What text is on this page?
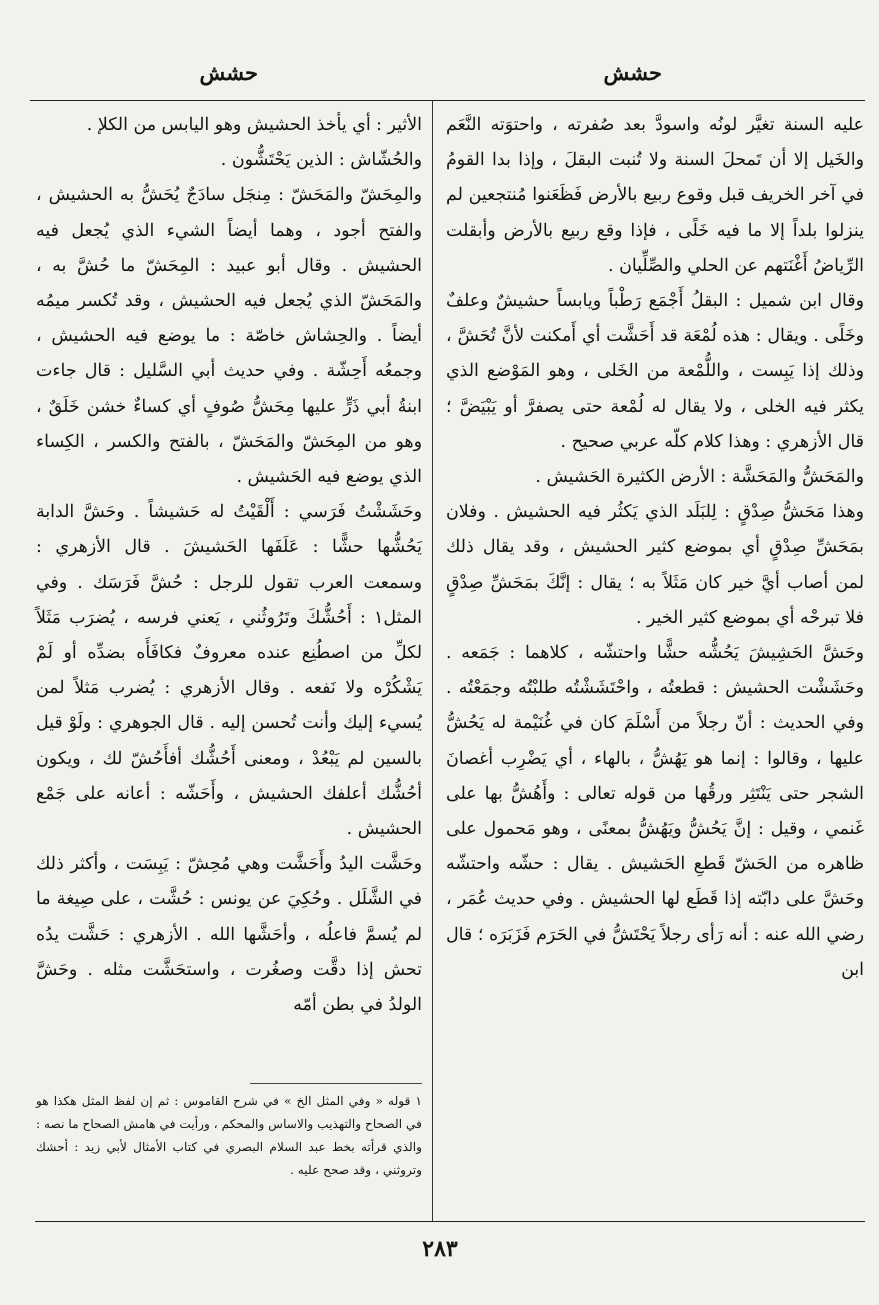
حشش
حشش

عليه السنة تغيَّر لونُه واسودَّ بعد صُفرته ، واحتوَته النَّعَم والخَيل إلا أن تَمحلَ السنة ولا تُنبت البقلَ ، وإذا بدا القومُ في آخر الخريف قبل وقوع ربيع بالأرض فَظَعَنوا مُنتجعين لم ينزلوا بلداً إلا ما فيه خَلًى ، فإذا وقع ربيع بالأرض وأبقلت الرِّياضُ أَغْنَتهم عن الحلي والصِّلِّيان .

وقال ابن شميل : البقلُ أَجْمَع رَطْباً ويابساً حشيشٌ وعلفٌ وخَلًى . ويقال : هذه لُمْعَة قد أَحَشَّت أي أَمكنت لأنَّ تُحَشَّ ، وذلك إذا يَبِست ، واللُّمْعة من الخَلى ، وهو المَوْضع الذي يكثر فيه الخلى ، ولا يقال له لُمْعة حتى يصفرَّ أو يَبْيَضَّ ؛ قال الأزهري : وهذا كلام كلّه عربي صحيح .

والمَحَشُّ والمَحَشَّة : الأرض الكثيرة الحَشيش .

وهذا مَحَشُّ صِدْقٍ : لِلبَلَد الذي يَكثُر فيه الحشيش . وفلان بمَحَشِّ صِدْقٍ أي بموضع كثير الحشيش ، وقد يقال ذلك لمن أصاب أيَّ خير كان مَثَلاً به ؛ يقال : إنَّكَ بمَحَشِّ صِدْقٍ فلا تبرحْه أي بموضع كثير الخير .

وحَشَّ الحَشِيشَ يَحُشُّه حشًّا واحتشّه ، كلاهما : جَمَعه . وحَشَشْت الحشيش : قطعتُه ، واحْتَشَشْتُه طلبْتُه وجمَعْتُه . وفي الحديث : أنّ رجلاً من أَسْلَمَ كان في غُنَيْمة له يَحُشُّ عليها ، وقالوا : إنما هو يَهُشُّ ، بالهاء ، أي يَضْرِب أغصانَ الشجر حتى يَنْتَثِر ورقُها من قوله تعالى : وأَهُشُّ بها على غَنمي ، وقيل : إنَّ يَحُشُّ ويَهُشُّ بمعنًى ، وهو مَحمول على ظاهره من الحَشّ قَطعِ الحَشيش . يقال : حشّه واحتشّه وحَشَّ على دابّته إذا قَطَع لها الحشيش . وفي حديث عُمَر ، رضي الله عنه : أنه رَأى رجلاً يَحْتَشُّ في الحَرَم فَزَبَرَه ؛ قال ابن

الأثير : أي يأخذ الحشيش وهو اليابس من الكلإ .

والحُشّاش : الذين يَحْتَشُّون .

والمِحَشّ والمَحَشّ : مِنجَل سادَجٌ يُحَشُّ به الحشيش ، والفتح أجود ، وهما أيضاً الشيء الذي يُجعل فيه الحشيش . وقال أبو عبيد : المِحَشّ ما حُشَّ به ، والمَحَشّ الذي يُجعل فيه الحشيش ، وقد تُكسر ميمُه أيضاً . والحِشاش خاصّة : ما يوضع فيه الحشيش ، وجمعُه أَحِشّة . وفي حديث أبي السَّليل : قال جاءت ابنةُ أبي ذَرٍّ عليها مِحَشُّ صُوفٍ أي كساءٌ خشن خَلَقٌ ، وهو من المِحَشّ والمَحَشّ ، بالفتح والكسر ، الكِساء الذي يوضع فيه الحَشيش .

وحَشَشْتُ فَرَسي : أَلْقَيْتُ له حَشيشاً . وحَشَّ الدابة يَحُشُّها حشًّا : عَلَفَها الحَشيشَ . قال الأزهري : وسمعت العرب تقول للرجل : حُشَّ فَرَسَك . وفي المثل١ : أَحُشُّكَ وتَرُوثُني ، يَعني فرسه ، يُضرَب مَثَلاً لكلِّ من اصطُنِع عنده معروفٌ فكافَأَه بضدِّه أو لَمْ يَشْكُرْه ولا نَفعه . وقال الأزهري : يُضرب مَثلاً لمن يُسيء إليك وأنت تُحسن إليه . قال الجوهري : ولَوْ قيل بالسين لم يَبْعُدْ ، ومعنى أَحُشُّك أفأَحُشّ لك ، ويكون أحُشُّك أعلفك الحشيش ، وأَحَشّه : أعانه على جَمْع الحشيش .

وحَشَّت اليدُ وأَحَشَّت وهي مُحِشّ : يَبِسَت ، وأكثر ذلك في الشَّلَل . وحُكِيَ عن يونس : حُشَّت ، على صِيغة ما لم يُسمَّ فاعلُه ، وأحَشَّها الله . الأزهري : حَشَّت يدُه تحش إذا دقَّت وصغُرت ، واستحَشَّت مثله . وحَشَّ الولدُ في بطن أمّه

١ قوله « وفي المثل الخ » في شرح القاموس : ثم إن لفظ المثل هكذا هو في الصحاح والتهذيب والاساس والمحكم ، ورأيت في هامش الصحاح ما نصه : والذي قرأته بخط عبد السلام البصري في كتاب الأمثال لأبي زيد : أحشك وتروثني ، وقد صحح عليه .

٢٨٣
